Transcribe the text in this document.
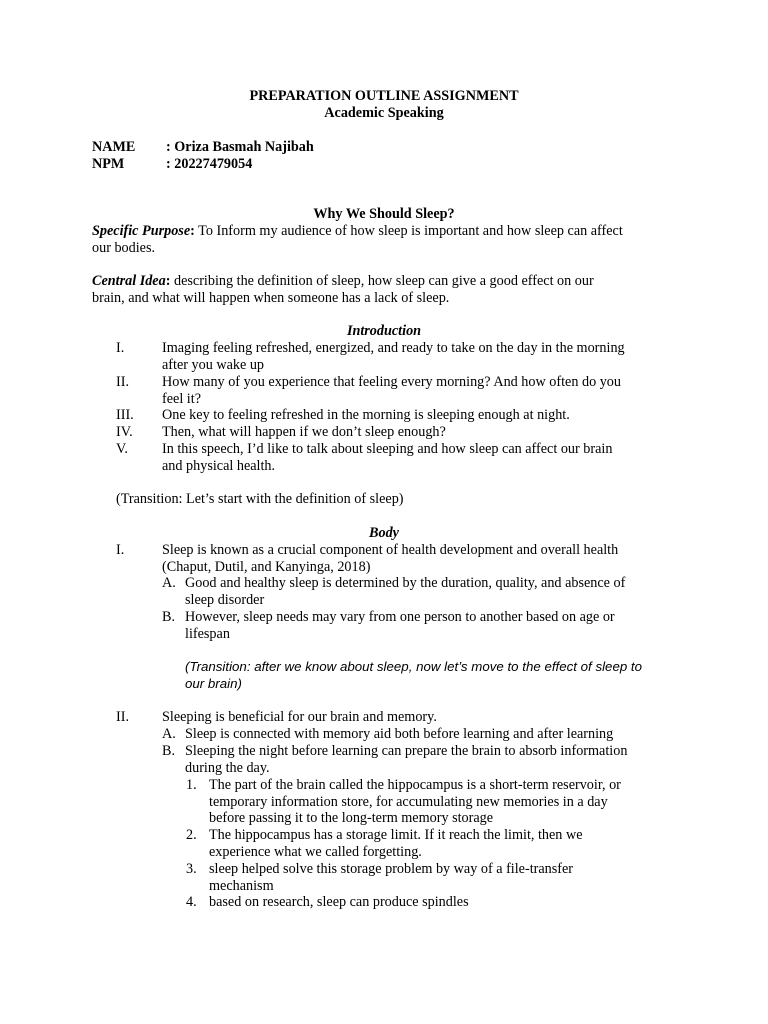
PREPARATION OUTLINE ASSIGNMENT
Academic Speaking
NAME : Oriza Basmah Najibah
NPM	: 20227479054
Why We Should Sleep?
Specific Purpose: To Inform my audience of how sleep is important and how sleep can affect
our bodies.
Central Idea: describing the definition of sleep, how sleep can give a good effect on our
brain, and what will happen when someone has a lack of sleep.
Introduction
I.	Imaging feeling refreshed, energized, and ready to take on the day in the morning
after you wake up
II. How many of you experience that feeling every morning? And how often do you
feel it?
III. One key to feeling refreshed in the morning is sleeping enough at night.
IV. Then, what will happen if we don’t sleep enough?
V. In this speech, I’d like to talk about sleeping and how sleep can affect our brain
and physical health.
(Transition: Let’s start with the definition of sleep)
Body
I.	Sleep is known as a crucial component of health development and overall health
(Chaput, Dutil, and Kanyinga, 2018)
A. Good and healthy sleep is determined by the duration, quality, and absence of
sleep disorder
B. However, sleep needs may vary from one person to another based on age or
lifespan
(Transition: after we know about sleep, now let’s move to the effect of sleep to
our brain)
II. Sleeping is beneficial for our brain and memory.
A. Sleep is connected with memory aid both before learning and after learning
B. Sleeping the night before learning can prepare the brain to absorb information
during the day.
1. The part of the brain called the hippocampus is a short-term reservoir, or
temporary information store, for accumulating new memories in a day
before passing it to the long-term memory storage
2. The hippocampus has a storage limit. If it reach the limit, then we
experience what we called forgetting.
3. sleep helped solve this storage problem by way of a file-transfer
mechanism
4. based on research, sleep can produce spindles
